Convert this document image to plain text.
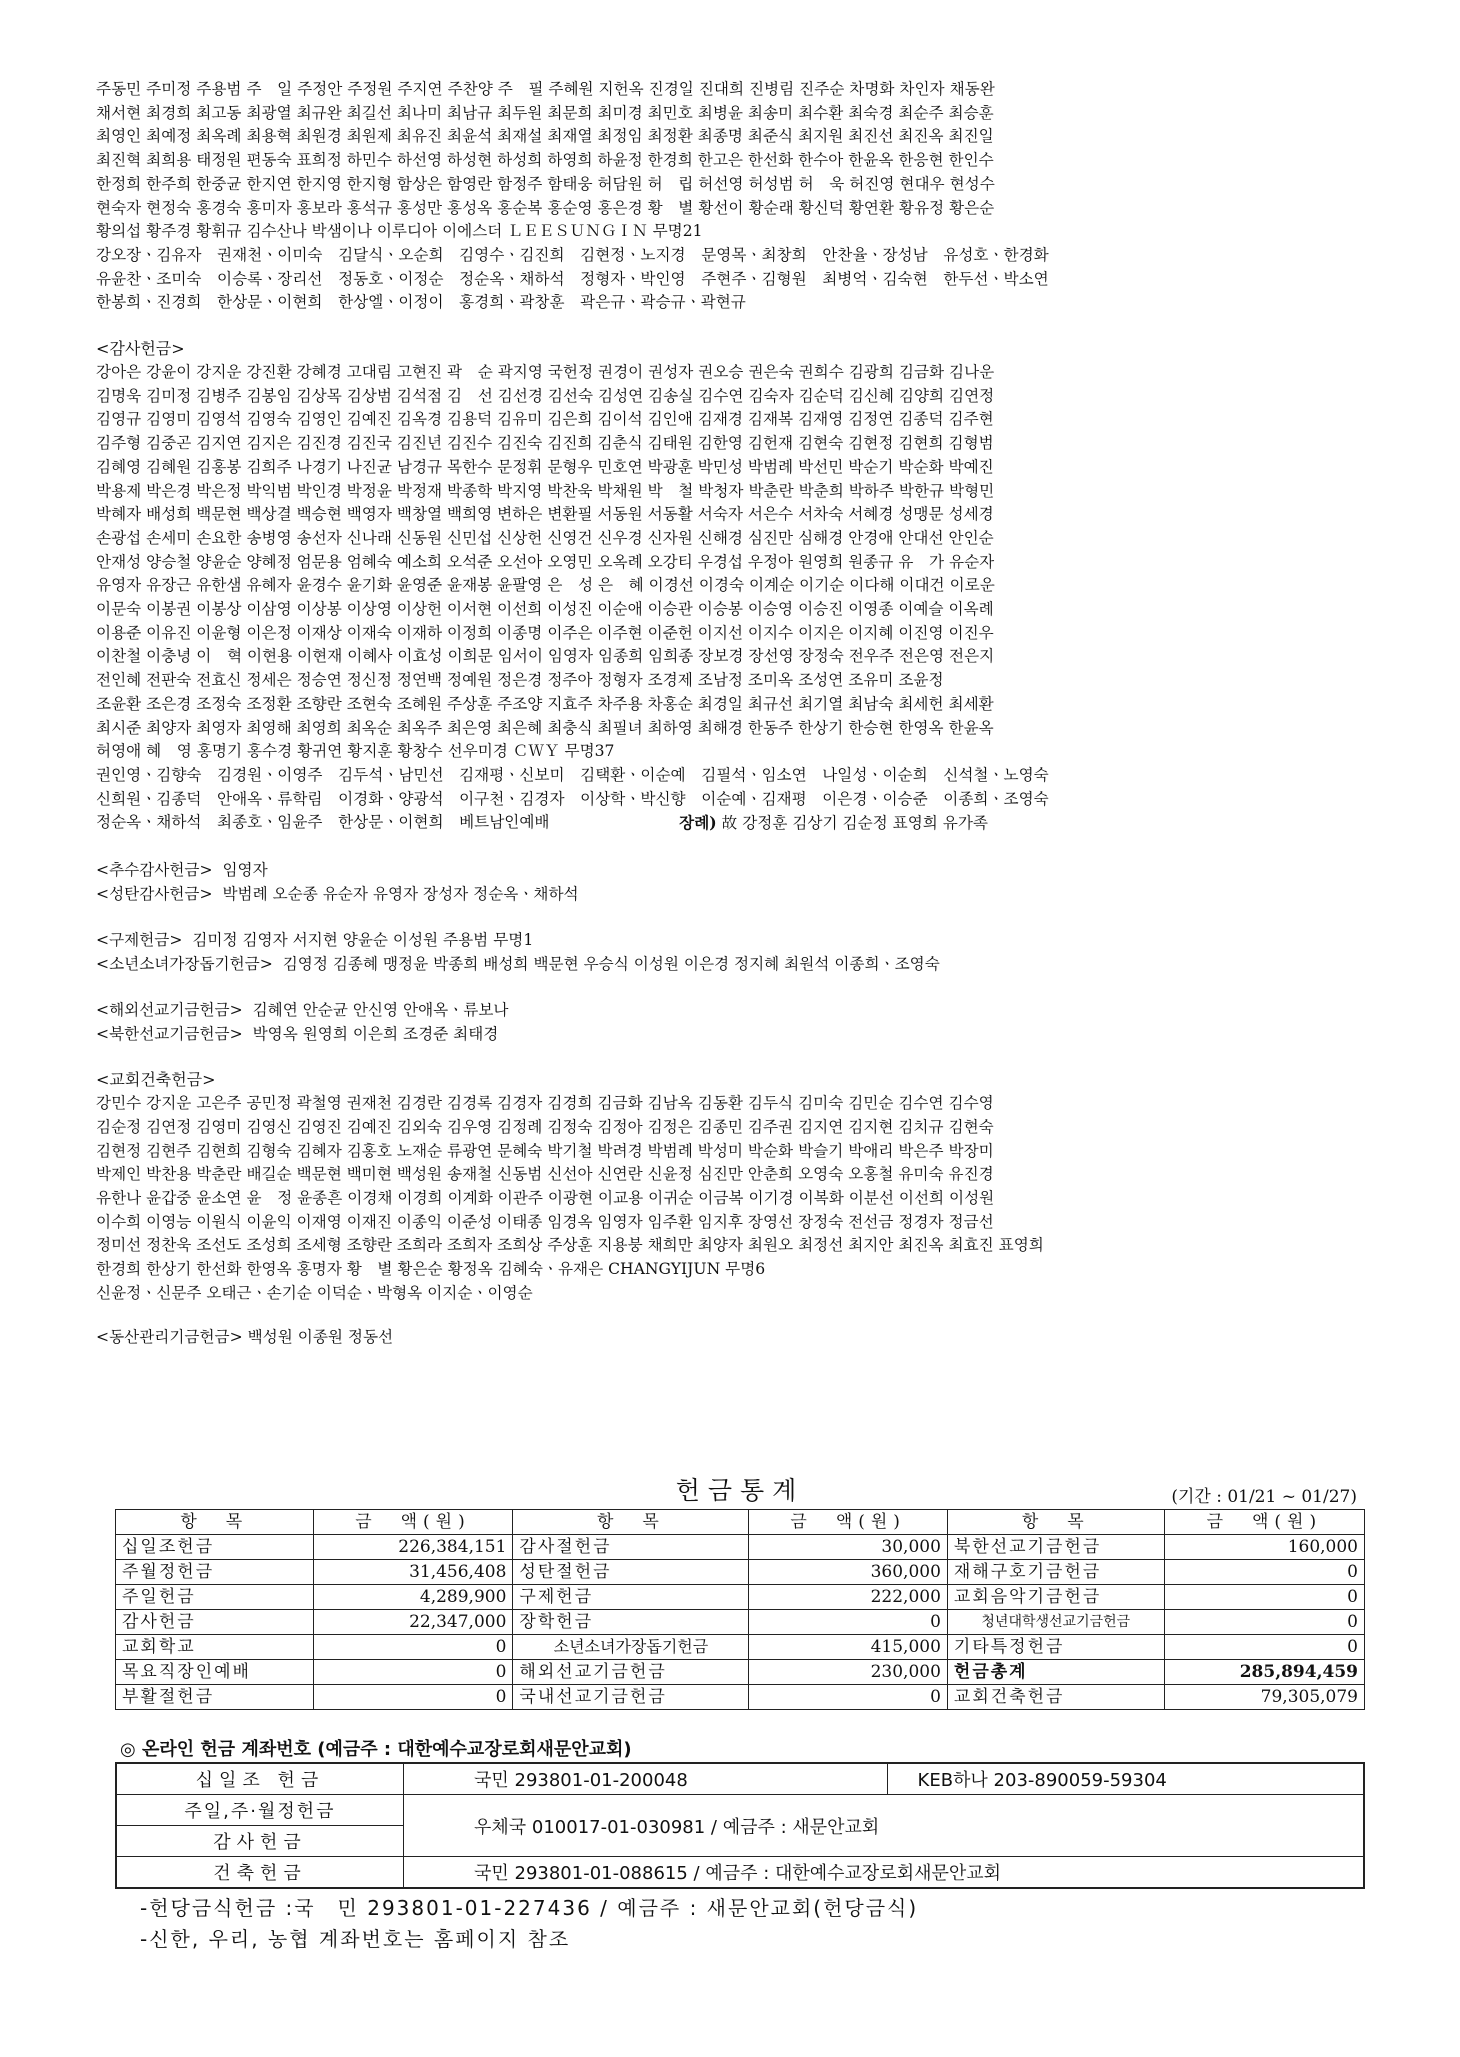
주동민 주미정 주용범 주　일 주정안 주정원 주지연 주찬양 주　필 주혜원 지헌옥 진경일 진대희 진병림 진주순 차명화 차인자 채동완

채서현 최경희 최고동 최광열 최규완 최길선 최나미 최남규 최두원 최문희 최미경 최민호 최병윤 최송미 최수환 최숙경 최순주 최승훈

최영인 최예정 최옥례 최용혁 최원경 최원제 최유진 최윤석 최재설 최재열 최정임 최정환 최종명 최준식 최지원 최진선 최진옥 최진일

최진혁 최희용 태정원 편동숙 표희정 하민수 하선영 하성현 하성희 하영희 하윤정 한경희 한고은 한선화 한수아 한윤옥 한응현 한인수

한정희 한주희 한중균 한지연 한지영 한지형 함상은 함영란 함정주 함태웅 허담원 허　립 허선영 허성범 허　욱 허진영 현대우 현성수

현숙자 현정숙 홍경숙 홍미자 홍보라 홍석규 홍성만 홍성옥 홍순복 홍순영 홍은경 황　별 황선이 황순래 황신덕 황연환 황유정 황은순

황의섭 황주경 황휘규 김수산나 박샘이나 이루디아 이에스더 ＬＥＥＳＵＮＧＩＮ 무명21

강오장ㆍ김유자　권재천ㆍ이미숙　김달식ㆍ오순희　김영수ㆍ김진희　김현정ㆍ노지경　문영목ㆍ최창희　안찬율ㆍ장성남　유성호ㆍ한경화

유윤찬ㆍ조미숙　이승록ㆍ장리선　정동호ㆍ이정순　정순옥ㆍ채하석　정형자ㆍ박인영　주현주ㆍ김형원　최병억ㆍ김숙현　한두선ㆍ박소연

한봉희ㆍ진경희　한상문ㆍ이현희　한상엘ㆍ이정이　홍경희ㆍ곽창훈　곽은규ㆍ곽승규ㆍ곽현규

<감사헌금>

강아은 강윤이 강지운 강진환 강혜경 고대림 고현진 곽　순 곽지영 국헌정 권경이 권성자 권오승 권은숙 권희수 김광희 김금화 김나운

김명욱 김미정 김병주 김봉임 김상목 김상범 김석점 김　선 김선경 김선숙 김성연 김송실 김수연 김숙자 김순덕 김신혜 김양희 김연정

김영규 김영미 김영석 김영숙 김영인 김예진 김옥경 김용덕 김유미 김은희 김이석 김인애 김재경 김재복 김재영 김정연 김종덕 김주현

김주형 김중곤 김지연 김지은 김진경 김진국 김진년 김진수 김진숙 김진희 김춘식 김태원 김한영 김헌재 김현숙 김현정 김현희 김형범

김혜영 김혜원 김홍봉 김희주 나경기 나진균 남경규 목한수 문정휘 문형우 민호연 박광훈 박민성 박범례 박선민 박순기 박순화 박예진

박용제 박은경 박은정 박익범 박인경 박정윤 박정재 박종학 박지영 박찬욱 박채원 박　철 박청자 박춘란 박춘희 박하주 박한규 박형민

박혜자 배성희 백문현 백상결 백승현 백영자 백창열 백희영 변하은 변환필 서동원 서동활 서숙자 서은수 서차숙 서혜경 성맹문 성세경

손광섭 손세미 손요한 송병영 송선자 신나래 신동원 신민섭 신상헌 신영건 신우경 신자원 신해경 심진만 심해경 안경애 안대선 안인순

안재성 양승철 양윤순 양혜정 엄문용 엄혜숙 예소희 오석준 오선아 오영민 오옥례 오강티 우경섭 우정아 원영희 원종규 유　가 유순자

유영자 유장근 유한샘 유혜자 윤경수 윤기화 윤영준 윤재봉 윤팔영 은　성 은　혜 이경선 이경숙 이계순 이기순 이다해 이대건 이로운

이문숙 이봉권 이봉상 이삼영 이상봉 이상영 이상헌 이서현 이선희 이성진 이순애 이승관 이승봉 이승영 이승진 이영종 이예슬 이옥례

이용준 이유진 이윤형 이은정 이재상 이재숙 이재하 이정희 이종명 이주은 이주현 이준헌 이지선 이지수 이지은 이지혜 이진영 이진우

이찬철 이충녕 이　혁 이현용 이현재 이혜사 이효성 이희문 임서이 임영자 임종희 임희종 장보경 장선영 장정숙 전우주 전은영 전은지

전인혜 전판숙 전효신 정세은 정승연 정신정 정연백 정예원 정은경 정주아 정형자 조경제 조남정 조미옥 조성연 조유미 조윤정

조윤환 조은경 조정숙 조정환 조향란 조현숙 조혜원 주상훈 주조양 지효주 차주용 차홍순 최경일 최규선 최기열 최남숙 최세헌 최세환

최시준 최양자 최영자 최영해 최영희 최옥순 최옥주 최은영 최은혜 최충식 최필녀 최하영 최해경 한동주 한상기 한승현 한영옥 한윤옥

허영애 혜　영 홍명기 홍수경 황귀연 황지훈 황창수 선우미경 ＣＷＹ 무명37

권인영ㆍ김향숙　김경원ㆍ이영주　김두석ㆍ남민선　김재평ㆍ신보미　김택환ㆍ이순예　김필석ㆍ임소연　나일성ㆍ이순희　신석철ㆍ노영숙

신희원ㆍ김종덕　안애옥ㆍ류학림　이경화ㆍ양광석　이구천ㆍ김경자　이상학ㆍ박신향　이순예ㆍ김재평　이은경ㆍ이승준　이종희ㆍ조영숙

정순옥ㆍ채하석　최종호ㆍ임윤주　한상문ㆍ이현희　베트남인예배	장례) 故 강정훈 김상기 김순정 표영희 유가족

<추수감사헌금> 임영자

<성탄감사헌금> 박범례 오순종 유순자 유영자 장성자 정순옥ㆍ채하석

<구제헌금> 김미정 김영자 서지현 양윤순 이성원 주용범 무명1

<소년소녀가장돕기헌금> 김영정 김종혜 맹정윤 박종희 배성희 백문현 우승식 이성원 이은경 정지혜 최원석 이종희ㆍ조영숙

<해외선교기금헌금> 김혜연 안순균 안신영 안애옥ㆍ류보나

<북한선교기금헌금> 박영옥 원영희 이은희 조경준 최태경

<교회건축헌금>

강민수 강지운 고은주 공민정 곽철영 권재천 김경란 김경록 김경자 김경희 김금화 김남옥 김동환 김두식 김미숙 김민순 김수연 김수영

김순정 김연정 김영미 김영신 김영진 김예진 김외숙 김우영 김정례 김정숙 김정아 김정은 김종민 김주권 김지연 김지현 김치규 김현숙

김현정 김현주 김현희 김형숙 김혜자 김홍호 노재순 류광연 문혜숙 박기철 박려경 박범례 박성미 박순화 박슬기 박애리 박은주 박장미

박제인 박찬용 박춘란 배길순 백문현 백미현 백성원 송재철 신동범 신선아 신연란 신윤정 심진만 안춘희 오영숙 오홍철 유미숙 유진경

유한나 윤갑중 윤소연 윤　정 윤종흔 이경채 이경희 이계화 이관주 이광현 이교용 이귀순 이금복 이기경 이복화 이분선 이선희 이성원

이수희 이영능 이원식 이윤익 이재영 이재진 이종익 이준성 이태종 임경옥 임영자 임주환 임지후 장영선 장정숙 전선금 정경자 정금선

정미선 정찬욱 조선도 조성희 조세형 조향란 조희라 조희자 조희상 주상훈 지용붕 채희만 최양자 최원오 최정선 최지안 최진옥 최효진 표영희

한경희 한상기 한선화 한영옥 홍명자 황　별 황은순 황정옥 김혜숙ㆍ유재은 CHANGYIJUN 무명6

신윤정ㆍ신문주 오태근ㆍ손기순 이덕순ㆍ박형옥 이지순ㆍ이영순

<동산관리기금헌금> 백성원 이종원 정동선

헌금통계	(기간 : 01/21 ~ 01/27)
항　목	금　액(원)	항　목	금　액(원)	항　목	금　액(원)
십일조헌금	226,384,151	감사절헌금	30,000	북한선교기금헌금	160,000
주월정헌금	31,456,408	성탄절헌금	360,000	재해구호기금헌금	0
주일헌금	4,289,900	구제헌금	222,000	교회음악기금헌금	0
감사헌금	22,347,000	장학헌금	0	청년대학생선교기금헌금	0
교회학교	0	소년소녀가장돕기헌금	415,000	기타특정헌금	0
목요직장인예배	0	해외선교기금헌금	230,000	헌금총계	285,894,459
부활절헌금	0	국내선교기금헌금	0	교회건축헌금	79,305,079
◎ 온라인 헌금 계좌번호 (예금주 : 대한예수교장로회새문안교회)
십일조 헌금	국민 293801-01-200048	KEB하나 203-890059-59304
주일,주·월정헌금	우체국 010017-01-030981 / 예금주 : 새문안교회	
감사헌금		
건축헌금	국민 293801-01-088615 / 예금주 : 대한예수교장로회새문안교회	
-헌당금식헌금 :국　민 293801-01-227436 / 예금주 : 새문안교회(헌당금식)
-신한, 우리, 농협 계좌번호는 홈페이지 참조
